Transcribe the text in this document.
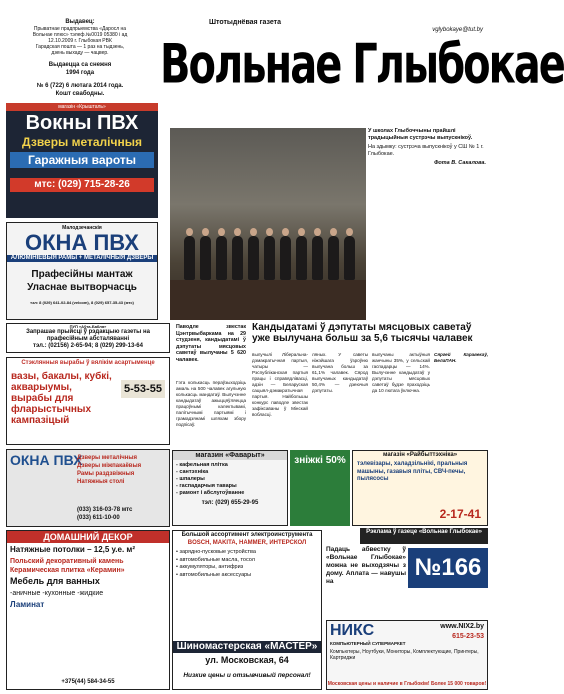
Выдавец:
Прыватнае прадпрыемства «Даросл на
Вольнае плюс» тэлеф.№0019 05380 і ад
12.10.2009 г. Глыбокая РВК
Гарадская пошта — 1 раз на тыдзень,
дзень выхаду — чацвер.
Выдаецца са снежня
1994 года
№ 6 (722) 6 лютага 2014 года.
Кошт свабодны.
Штотыднёвая газета
vglybokaye@tut.by
Вольнае Глыбокае
магазін «Крышталь»
Вокны ПВХ
Дзверы металічныя
Гаражныя вароты
мтс: (029) 715-28-26
Малодзечанскія
ОКНА ПВХ
АЛЮМІНІЕВЫЯ РАМЫ + МЕТАЛІЧНЫЯ ДЗВЕРЫ
Прафесійны мантаж
Уласнае вытворчасць
тэл: 8 (029) 641-02-84 (velcom), 8 (029) 657-35-43 (мтс)
ПУП «Аўта-Бабля»
Запрашае прыйсці ў рэдакцыю газеты на прафесійным абсталяванні
тэл.: (02156) 2-65-94; 8 (029) 299-13-64
У школах Глыбоччыны прайшлі традыцыйныя сустрэчы выпускнікоў.
На здымку: сустрэча выпускнікоў у СШ № 1 г. Глыбокае.
Фота В. Сакалова.
Паводле звестак Цэнтрвыбаркама на 29 студзеня, кандыдатамі ў дэпутаты мясцовых саветаў вылучаны 5 620 чалавек.
Кандыдатамі ў дэпутаты мясцовых саветаў уже вылучана больш за 5,6 тысячы чалавек
Гэта колькасць пераўзыходзіць амаль на 500 чалавек агульную колькасць мандатаў. Вылучэнне кандыдатаў ажыццяўляецца працоўнымі калектывамі, палітычнымі партыямі і грамадзянамі шляхам збору подпісаў.
вылучылі Ліберальна-дэмакратычная партыя, чатыры — Рэспубліканская партыя працы і справядлівасці, адзін — Беларуская сацыял-дэмакратычная партыя. Найбольшы конкурс паводле звестак зафіксаваны ў Мінскай вобласці.
ляных. У саветы ніжэйшага ўзроўню вылучана больш за 61,1% чалавек. Сярод вылучаных кандыдатаў 50,4% — дзеючыя дэпутаты.
вылучаны актыўныя жанчыны 35%, у сельскай гаспадарцы — 14%. Вылучэнне кандыдатаў у дэпутаты мясцовых саветаў будзе праходзіць да 10 лютага ўключна.
Сяргей Каравекаў, БелаПАН.
Стэклянныя вырабы ў вялікім асартыменце
вазы, бакалы, кубкі, акварыумы, вырабы для фларыстычных кампазіцый
5-53-55
ОКНА ПВХ
Дзверы металічныя
Дзверы міжпакаёвыя
Рамы раздзвіжныя
Натяжныя столі
(033) 316-03-78 мтс
(033) 611-10-00
магазин «Фаварыт»
- кафельная плітка
- сантэхніка
- шпалеры
- гаспадарчыя тавары
- рамонт і абслугоўванне
тэл: (029) 655-29-95
зніжкі 50%	магазін «Райбыттэхніка»
тэлевізары, халадзільнікі, пральныя машыны, газавыя пліты, СВЧ-печы, пылясосы
2-17-41
Рэклама ў газеце «Вольнае Глыбокае»
ДОМАШНИЙ ДЕКОР
Натяжные потолки – 12,5 у.е. м²
Польский декоративный камень Керамическая плитка «Керамин»
Мебель для ванных
-аничные -кухонные -жидкие
Ламинат
+375(44) 584-34-55
Большой ассортимент электроинструмента
BOSCH, MAKITA, HAMMER, ИНТЕРСКОЛ
• зарядно-пусковые устройства
• автомобильные масла, тосол
• аккумуляторы, антифриз
• автомобильные аксессуары
Шиномастерская «МАСТЕР»
ул. Московская, 64
Низкие цены и отзывчивый персонал!
Падаць абвестку ў «Вольнае Глыбокае» можна не выходзячы з дому. Аплата — навушы на
№166
НИКС	www.NIX2.by
615-23-53
КОМПЬЮТЕРНЫЙ СУПЕРМАРКЕТ
Компьютеры, Ноутбуки, Мониторы, Комплектующие, Принтеры, Картриджи
Московская цены и наличие в Глыбокім! Более 15 000 товаров!
